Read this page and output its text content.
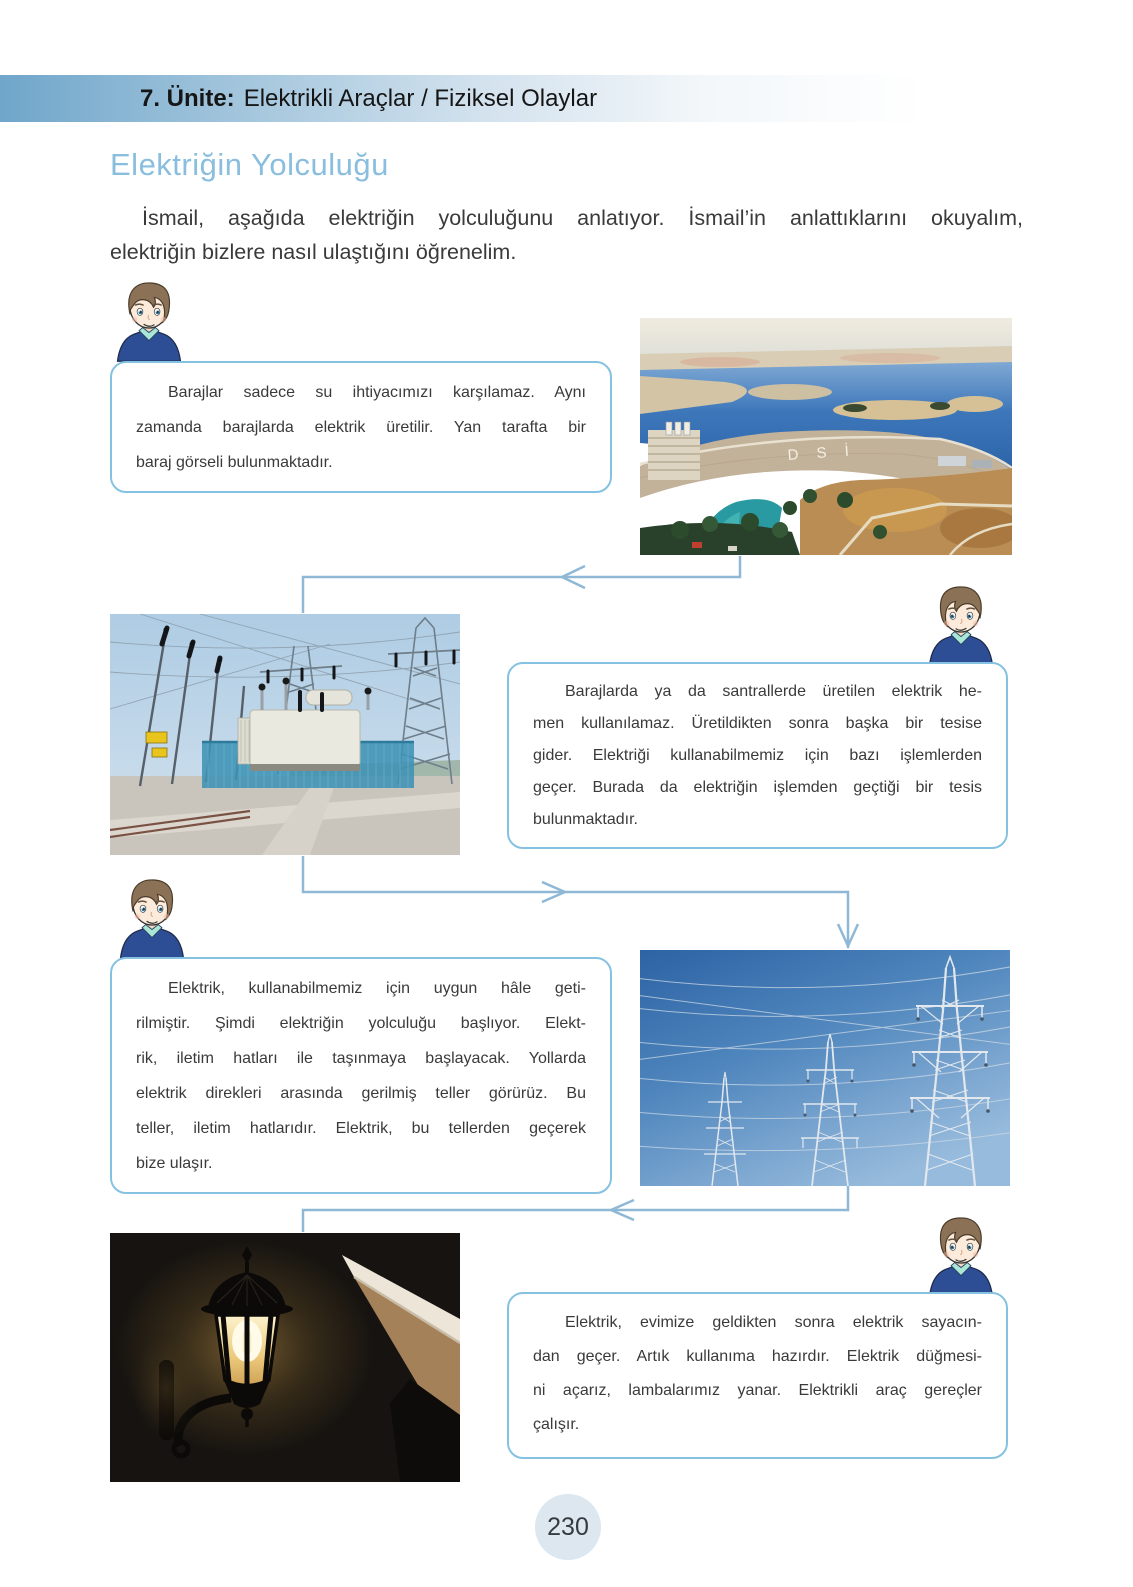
7. Ünite: Elektrikli Araçlar / Fiziksel Olaylar
Elektriğin Yolculuğu
İsmail, aşağıda elektriğin yolculuğunu anlatıyor. İsmail’in anlattıklarını okuyalım,
elektriğin bizlere nasıl ulaştığını öğrenelim.
Barajlar sadece su ihtiyacımızı karşılamaz. Aynı
zamanda barajlarda elektrik üretilir. Yan tarafta bir
baraj görseli bulunmaktadır.	D S İ
Barajlarda ya da santrallerde üretilen elektrik he-
men kullanılamaz. Üretildikten sonra başka bir tesise
gider. Elektriği kullanabilmemiz için bazı işlemlerden
geçer. Burada da elektriğin işlemden geçtiği bir tesis
bulunmaktadır.
Elektrik, kullanabilmemiz için uygun hâle geti-
rilmiştir. Şimdi elektriğin yolculuğu başlıyor. Elekt-
rik, iletim hatları ile taşınmaya başlayacak. Yollarda
elektrik direkleri arasında gerilmiş teller görürüz. Bu
teller, iletim hatlarıdır. Elektrik, bu tellerden geçerek
bize ulaşır.
Elektrik, evimize geldikten sonra elektrik sayacın-
dan geçer. Artık kullanıma hazırdır. Elektrik düğmesi-
ni açarız, lambalarımız yanar. Elektrikli araç gereçler
çalışır.
230
